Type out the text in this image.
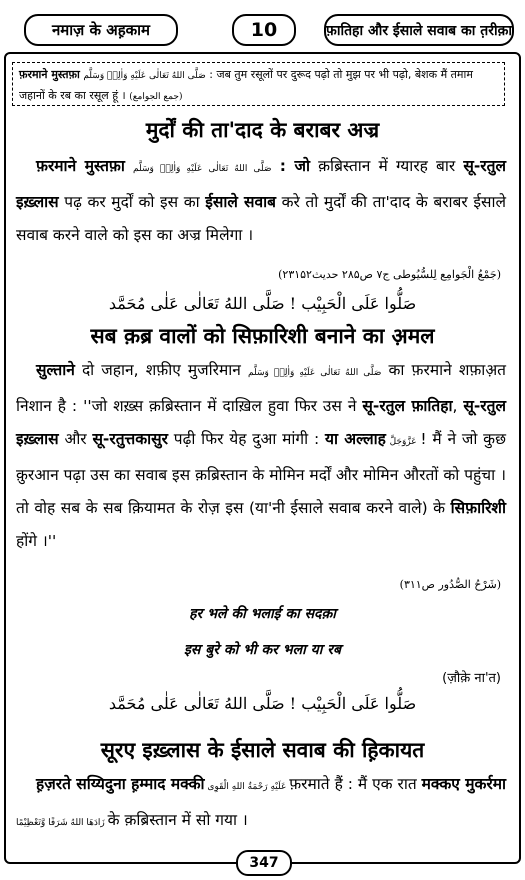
नमाज़ के अह़काम	10	फ़ातिहा और ईसाले सवाब का त़रीक़ा
फ़रमाने मुस्तफ़ा صَلَّى اللهُ تَعَالٰى عَلَيْهِ وَاٰلِهٖ وَسَلَّم : जब तुम रसूलों पर दुरूद पढ़ो तो मुझ पर भी पढ़ो, बेशक मैं तमाम जहानों के रब का रसूल हूं । (جمع الجوامع)
मुर्दों की ता'दाद के बराबर अज्र
फ़रमाने मुस्तफ़ा صَلَّى اللهُ تَعَالٰى عَلَيْهِ وَاٰلِهٖ وَسَلَّم : जो क़ब्रिस्तान में ग्यारह बार सू-रतुल इख़्लास पढ़ कर मुर्दों को इस का ईसाले सवाब करे तो मुर्दों की ता'दाद के बराबर ईसाले सवाब करने वाले को इस का अज्र मिलेगा ।
(جَمْعُ الْجَوامِع لِلسُّيُوطى ج۷ ص۲۸۵ حديث۲۳۱۵۲)
صَلُّوا عَلَى الْحَبِيْب ! صَلَّى اللهُ تَعَالٰى عَلٰى مُحَمَّد
सब क़ब्र वालों को सिफ़ारिशी बनाने का अ़मल
सुल्ताने दो जहान, शफ़ीए मुजरिमान صَلَّى اللهُ تَعَالٰى عَلَيْهِ وَاٰلِهٖ وَسَلَّم का फ़रमाने शफ़ाअ़त निशान है : ''जो शख़्स क़ब्रिस्तान में दाख़िल हुवा फिर उस ने सू-रतुल फ़ातिहा, सू-रतुल इख़्लास और सू-रतुत्तकासुर पढ़ी फिर येह दुआ मांगी : या अल्लाह عَزَّوَجَلَّ ! मैं ने जो कुछ क़ुरआन पढ़ा उस का सवाब इस क़ब्रिस्तान के मोमिन मर्दों और मोमिन औरतों को पहुंचा । तो वोह सब के सब क़ियामत के रोज़ इस (या'नी ईसाले सवाब करने वाले) के सिफ़ारिशी होंगे ।''
(شَرْحُ الصُّدُور ص۳۱۱)
हर भले की भलाई का सदक़ा
इस बुरे को भी कर भला या रब
(ज़ौक़े ना'त)
صَلُّوا عَلَى الْحَبِيْب ! صَلَّى اللهُ تَعَالٰى عَلٰى مُحَمَّد
सूरए इख़्लास के ईसाले सवाब की ह़िकायत
ह़ज़रते सय्यिदुना ह़म्माद मक्की عَلَيْهِ رَحْمَةُ اللهِ الْقَوِى फ़रमाते हैं : मैं एक रात मक्कए मुकर्रमा زَادَهَا اللهُ شَرَفًا وَّتَعْظِيْمًا के क़ब्रिस्तान में सो गया ।
347
